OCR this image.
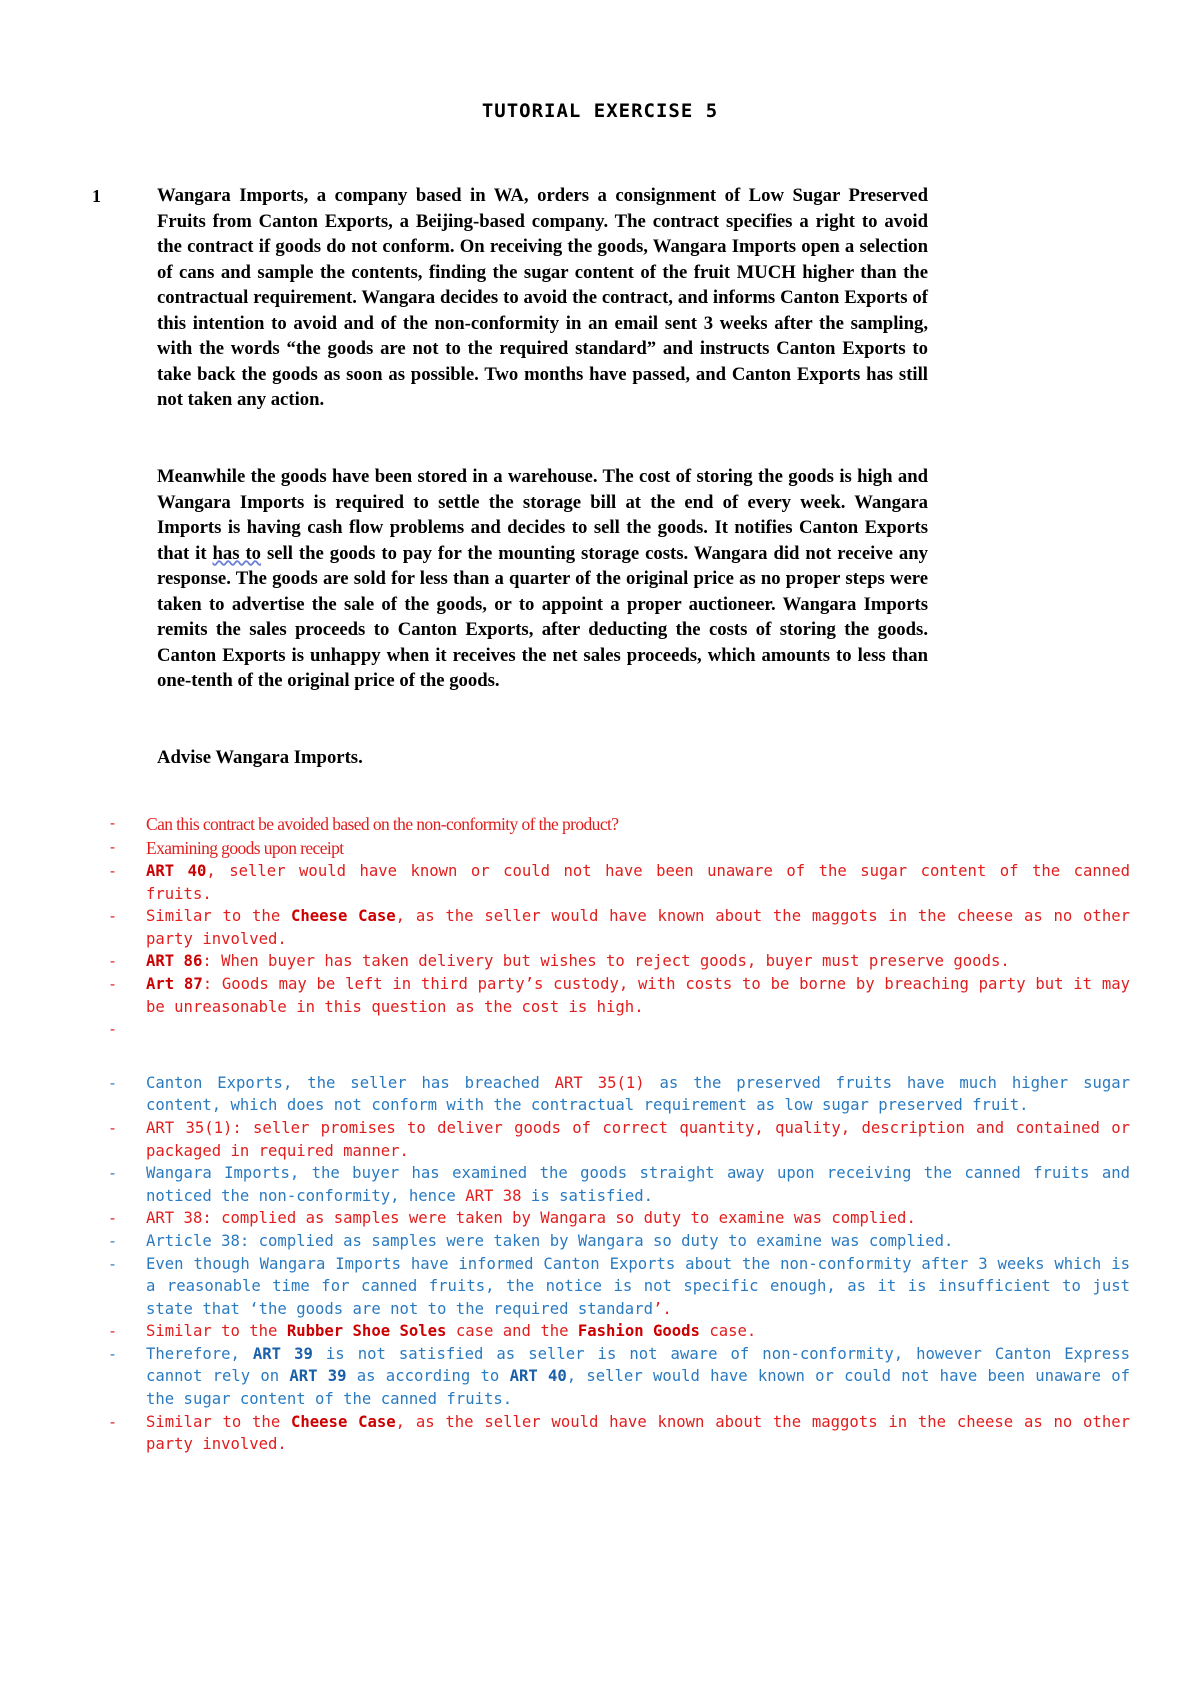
TUTORIAL EXERCISE 5
1	Wangara Imports, a company based in WA, orders a consignment of Low Sugar Preserved Fruits from Canton Exports, a Beijing-based company. The contract specifies a right to avoid the contract if goods do not conform. On receiving the goods, Wangara Imports open a selection of cans and sample the contents, finding the sugar content of the fruit MUCH higher than the contractual requirement. Wangara decides to avoid the contract, and informs Canton Exports of this intention to avoid and of the non-conformity in an email sent 3 weeks after the sampling, with the words “the goods are not to the required standard” and instructs Canton Exports to take back the goods as soon as possible. Two months have passed, and Canton Exports has still not taken any action.

Meanwhile the goods have been stored in a warehouse. The cost of storing the goods is high and Wangara Imports is required to settle the storage bill at the end of every week. Wangara Imports is having cash flow problems and decides to sell the goods. It notifies Canton Exports that it has to sell the goods to pay for the mounting storage costs. Wangara did not receive any response. The goods are sold for less than a quarter of the original price as no proper steps were taken to advertise the sale of the goods, or to appoint a proper auctioneer. Wangara Imports remits the sales proceeds to Canton Exports, after deducting the costs of storing the goods. Canton Exports is unhappy when it receives the net sales proceeds, which amounts to less than one-tenth of the original price of the goods.

Advise Wangara Imports.

- Can this contract be avoided based on the non-conformity of the product?
- Examining goods upon receipt
- ART 40, seller would have known or could not have been unaware of the sugar content of the canned fruits.
- Similar to the Cheese Case, as the seller would have known about the maggots in the cheese as no other party involved.
- ART 86: When buyer has taken delivery but wishes to reject goods, buyer must preserve goods.
- Art 87: Goods may be left in third party’s custody, with costs to be borne by breaching party but it may be unreasonable in this question as the cost is high.
-
- Canton Exports, the seller has breached ART 35(1) as the preserved fruits have much higher sugar content, which does not conform with the contractual requirement as low sugar preserved fruit.
- ART 35(1): seller promises to deliver goods of correct quantity, quality, description and contained or packaged in required manner.
- Wangara Imports, the buyer has examined the goods straight away upon receiving the canned fruits and noticed the non-conformity, hence ART 38 is satisfied.
- ART 38: complied as samples were taken by Wangara so duty to examine was complied.
- Article 38: complied as samples were taken by Wangara so duty to examine was complied.
- Even though Wangara Imports have informed Canton Exports about the non-conformity after 3 weeks which is a reasonable time for canned fruits, the notice is not specific enough, as it is insufficient to just state that ‘the goods are not to the required standard’.
- Similar to the Rubber Shoe Soles case and the Fashion Goods case.
- Therefore, ART 39 is not satisfied as seller is not aware of non-conformity, however Canton Express cannot rely on ART 39 as according to ART 40, seller would have known or could not have been unaware of the sugar content of the canned fruits.
- Similar to the Cheese Case, as the seller would have known about the maggots in the cheese as no other party involved.
